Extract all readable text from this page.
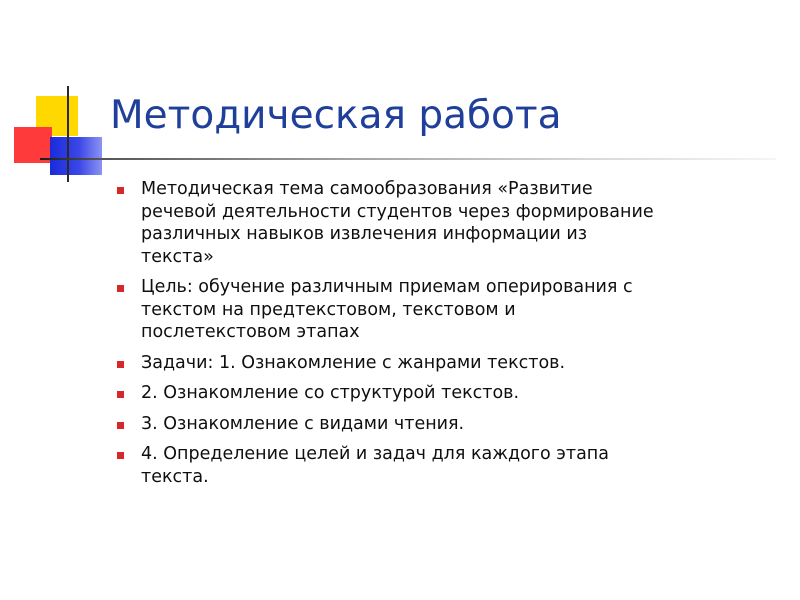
Методическая работа
Методическая тема самообразования «Развитие
речевой деятельности студентов через формирование
различных навыков извлечения информации из
текста»
Цель: обучение различным приемам оперирования с
текстом на предтекстовом, текстовом и
послетекстовом этапах
Задачи: 1. Ознакомление с жанрами текстов.
2. Ознакомление со структурой текстов.
3. Ознакомление с видами чтения.
4. Определение целей и задач для каждого этапа
текста.
